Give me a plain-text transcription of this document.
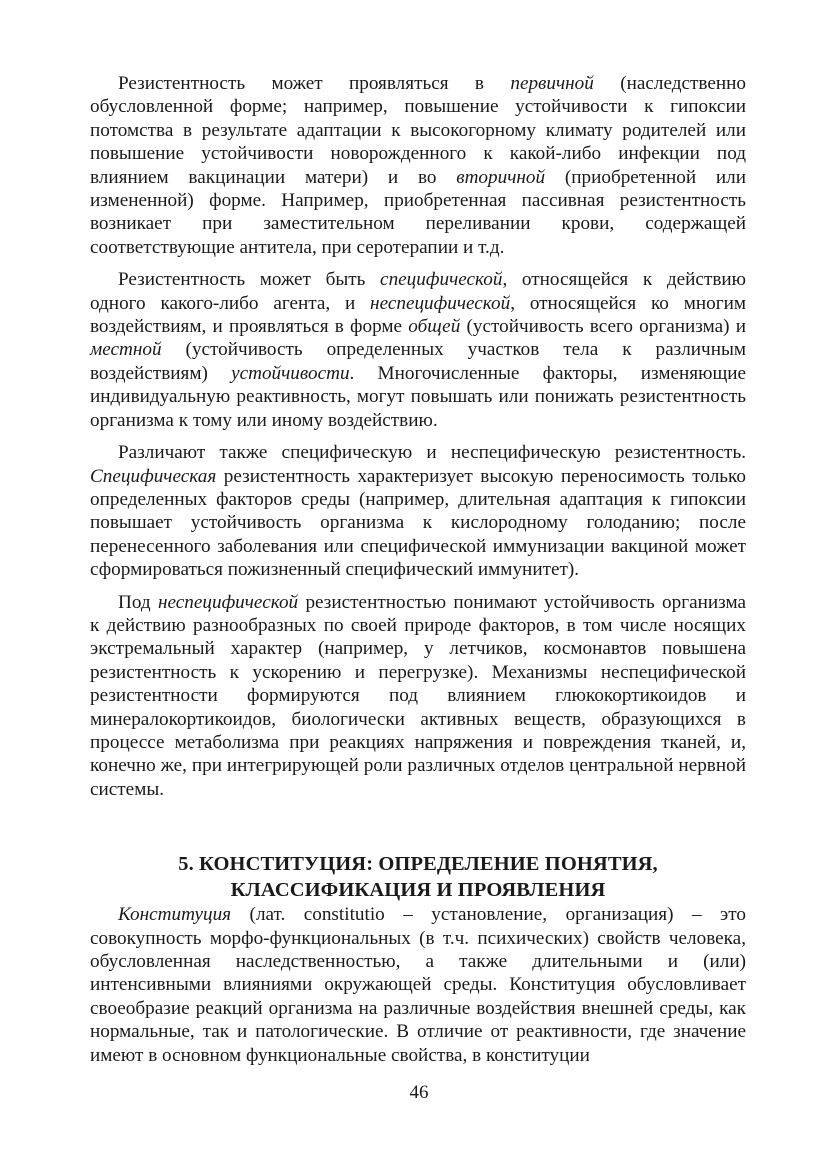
Резистентность может проявляться в первичной (наследственно обусловленной форме; например, повышение устойчивости к гипоксии потомства в результате адаптации к высокогорному климату родителей или повышение устойчивости новорожденного к какой-либо инфекции под влиянием вакцинации матери) и во вторичной (приобретенной или измененной) форме. Например, приобретенная пассивная резистентность возникает при заместительном переливании крови, содержащей соответствующие антитела, при серотерапии и т.д.

Резистентность может быть специфической, относящейся к действию одного какого-либо агента, и неспецифической, относящейся ко многим воздействиям, и проявляться в форме общей (устойчивость всего организма) и местной (устойчивость определенных участков тела к различным воздействиям) устойчивости. Многочисленные факторы, изменяющие индивидуальную реактивность, могут повышать или понижать резистентность организма к тому или иному воздействию.

Различают также специфическую и неспецифическую резистентность. Специфическая резистентность характеризует высокую переносимость только определенных факторов среды (например, длительная адаптация к гипоксии повышает устойчивость организма к кислородному голоданию; после перенесенного заболевания или специфической иммунизации вакциной может сформироваться пожизненный специфический иммунитет).

Под неспецифической резистентностью понимают устойчивость организма к действию разнообразных по своей природе факторов, в том числе носящих экстремальный характер (например, у летчиков, космонавтов повышена резистентность к ускорению и перегрузке). Механизмы неспецифической резистентности формируются под влиянием глюкокортикоидов и минералокортикоидов, биологически активных веществ, образующихся в процессе метаболизма при реакциях напряжения и повреждения тканей, и, конечно же, при интегрирующей роли различных отделов центральной нервной системы.

5. КОНСТИТУЦИЯ: ОПРЕДЕЛЕНИЕ ПОНЯТИЯ,
КЛАССИФИКАЦИЯ И ПРОЯВЛЕНИЯ

Конституция (лат. constitutio – установление, организация) – это совокупность морфо-функциональных (в т.ч. психических) свойств человека, обусловленная наследственностью, а также длительными и (или) интенсивными влияниями окружающей среды. Конституция обусловливает своеобразие реакций организма на различные воздействия внешней среды, как нормальные, так и патологические. В отличие от реактивности, где значение имеют в основном функциональные свойства, в конституции

46
